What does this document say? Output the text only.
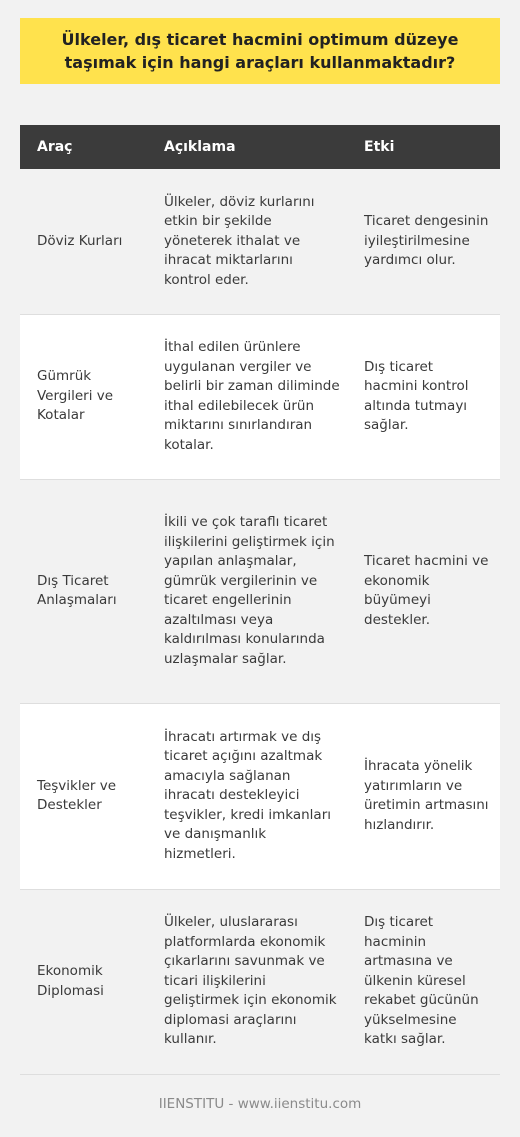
Ülkeler, dış ticaret hacmini optimum düzeye taşımak için hangi araçları kullanmaktadır?
Araç	Açıklama	Etki
Döviz Kurları	Ülkeler, döviz kurlarını etkin bir şekilde yöneterek ithalat ve ihracat miktarlarını kontrol eder.	Ticaret dengesinin iyileştirilmesine yardımcı olur.
Gümrük Vergileri ve Kotalar	İthal edilen ürünlere uygulanan vergiler ve belirli bir zaman diliminde ithal edilebilecek ürün miktarını sınırlandıran kotalar.	Dış ticaret hacmini kontrol altında tutmayı sağlar.
Dış Ticaret Anlaşmaları	İkili ve çok taraflı ticaret ilişkilerini geliştirmek için yapılan anlaşmalar, gümrük vergilerinin ve ticaret engellerinin azaltılması veya kaldırılması konularında uzlaşmalar sağlar.	Ticaret hacmini ve ekonomik büyümeyi destekler.
Teşvikler ve Destekler	İhracatı artırmak ve dış ticaret açığını azaltmak amacıyla sağlanan ihracatı destekleyici teşvikler, kredi imkanları ve danışmanlık hizmetleri.	İhracata yönelik yatırımların ve üretimin artmasını hızlandırır.
Ekonomik Diplomasi	Ülkeler, uluslararası platformlarda ekonomik çıkarlarını savunmak ve ticari ilişkilerini geliştirmek için ekonomik diplomasi araçlarını kullanır.	Dış ticaret hacminin artmasına ve ülkenin küresel rekabet gücünün yükselmesine katkı sağlar.
IIENSTITU - www.iienstitu.com
